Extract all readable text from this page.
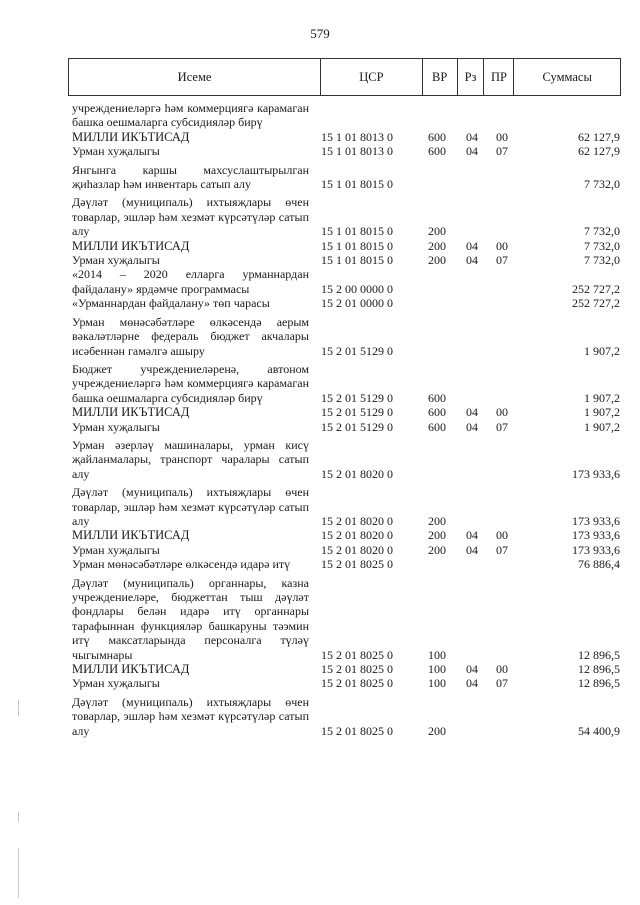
579
Исеме	ЦСР	ВР	Рз	ПР	Суммасы
учреждениеләргә һәм коммерциягә карамаган башка оешмаларга субсидияләр бирү
МИЛЛИ ИКЪТИСАД	15 1 01 8013 0	600	04	00	62 127,9
Урман хуҗалыгы	15 1 01 8013 0	600	04	07	62 127,9
Янгынга каршы махсуслаштырылган җиһазлар һәм инвентарь сатып алу	15 1 01 8015 0	7 732,0
Дәүләт (муниципаль) ихтыяҗлары өчен товарлар, эшләр һәм хезмәт күрсәтүләр сатып алу	15 1 01 8015 0	200	7 732,0
МИЛЛИ ИКЪТИСАД	15 1 01 8015 0	200	04	00	7 732,0
Урман хуҗалыгы	15 1 01 8015 0	200	04	07	7 732,0
«2014 – 2020 елларга урманнардан файдалану» ярдәмче программасы	15 2 00 0000 0	252 727,2
«Урманнардан файдалану» төп чарасы	15 2 01 0000 0	252 727,2
Урман мөнәсәбәтләре өлкәсендә аерым вәкаләтләрне федераль бюджет акчалары исәбеннән гамәлгә ашыру	15 2 01 5129 0	1 907,2
Бюджет учреждениеләренә, автоном учреждениеләргә һәм коммерциягә карамаган башка оешмаларга субсидияләр бирү	15 2 01 5129 0	600	1 907,2
МИЛЛИ ИКЪТИСАД	15 2 01 5129 0	600	04	00	1 907,2
Урман хуҗалыгы	15 2 01 5129 0	600	04	07	1 907,2
Урман әзерләү машиналары, урман кисү җайланмалары, транспорт чаралары сатып алу	15 2 01 8020 0	173 933,6
Дәүләт (муниципаль) ихтыяҗлары өчен товарлар, эшләр һәм хезмәт күрсәтүләр сатып алу	15 2 01 8020 0	200	173 933,6
МИЛЛИ ИКЪТИСАД	15 2 01 8020 0	200	04	00	173 933,6
Урман хуҗалыгы	15 2 01 8020 0	200	04	07	173 933,6
Урман мөнәсәбәтләре өлкәсендә идарә итү	15 2 01 8025 0	76 886,4
Дәүләт (муниципаль) органнары, казна учреждениеләре, бюджеттан тыш дәүләт фондлары белән идарә итү органнары тарафыннан функцияләр башкаруны тәэмин итү максатларында персоналга түләү чыгымнары	15 2 01 8025 0	100	12 896,5
МИЛЛИ ИКЪТИСАД	15 2 01 8025 0	100	04	00	12 896,5
Урман хуҗалыгы	15 2 01 8025 0	100	04	07	12 896,5
Дәүләт (муниципаль) ихтыяҗлары өчен товарлар, эшләр һәм хезмәт күрсәтүләр сатып алу	15 2 01 8025 0	200	54 400,9
